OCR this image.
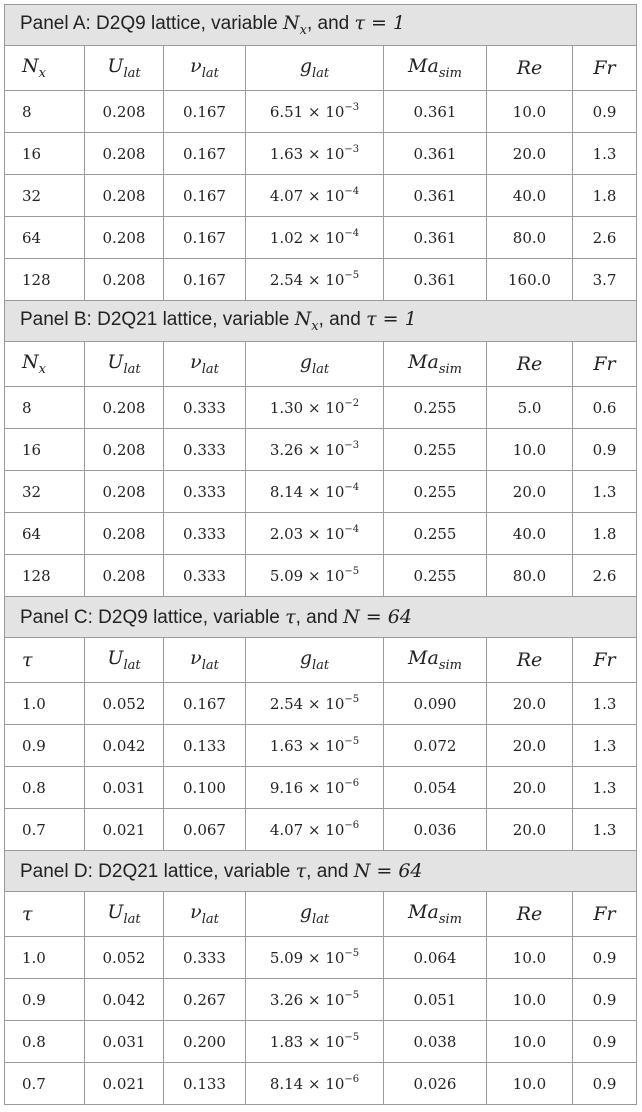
Panel A: D2Q9 lattice, variable $N_x$, and τ = 1						
$N_x$	$U_{lat}$	$\nu_{lat}$	$g_{lat}$	$Ma_{sim}$	Re	Fr
8	0.208	0.167	$6.51 \times 10^{-3}$	0.361	10.0	0.9
16	0.208	0.167	$1.63 \times 10^{-3}$	0.361	20.0	1.3
32	0.208	0.167	$4.07 \times 10^{-4}$	0.361	40.0	1.8
64	0.208	0.167	$1.02 \times 10^{-4}$	0.361	80.0	2.6
128	0.208	0.167	$2.54 \times 10^{-5}$	0.361	160.0	3.7
Panel B: D2Q21 lattice, variable $N_x$, and τ = 1						
$N_x$	$U_{lat}$	$\nu_{lat}$	$g_{lat}$	$Ma_{sim}$	Re	Fr
8	0.208	0.333	$1.30 \times 10^{-2}$	0.255	5.0	0.6
16	0.208	0.333	$3.26 \times 10^{-3}$	0.255	10.0	0.9
32	0.208	0.333	$8.14 \times 10^{-4}$	0.255	20.0	1.3
64	0.208	0.333	$2.03 \times 10^{-4}$	0.255	40.0	1.8
128	0.208	0.333	$5.09 \times 10^{-5}$	0.255	80.0	2.6
Panel C: D2Q9 lattice, variable τ, and N = 64						
τ	$U_{lat}$	$\nu_{lat}$	$g_{lat}$	$Ma_{sim}$	Re	Fr
1.0	0.052	0.167	$2.54 \times 10^{-5}$	0.090	20.0	1.3
0.9	0.042	0.133	$1.63 \times 10^{-5}$	0.072	20.0	1.3
0.8	0.031	0.100	$9.16 \times 10^{-6}$	0.054	20.0	1.3
0.7	0.021	0.067	$4.07 \times 10^{-6}$	0.036	20.0	1.3
Panel D: D2Q21 lattice, variable τ, and N = 64						
τ	$U_{lat}$	$\nu_{lat}$	$g_{lat}$	$Ma_{sim}$	Re	Fr
1.0	0.052	0.333	$5.09 \times 10^{-5}$	0.064	10.0	0.9
0.9	0.042	0.267	$3.26 \times 10^{-5}$	0.051	10.0	0.9
0.8	0.031	0.200	$1.83 \times 10^{-5}$	0.038	10.0	0.9
0.7	0.021	0.133	$8.14 \times 10^{-6}$	0.026	10.0	0.9
